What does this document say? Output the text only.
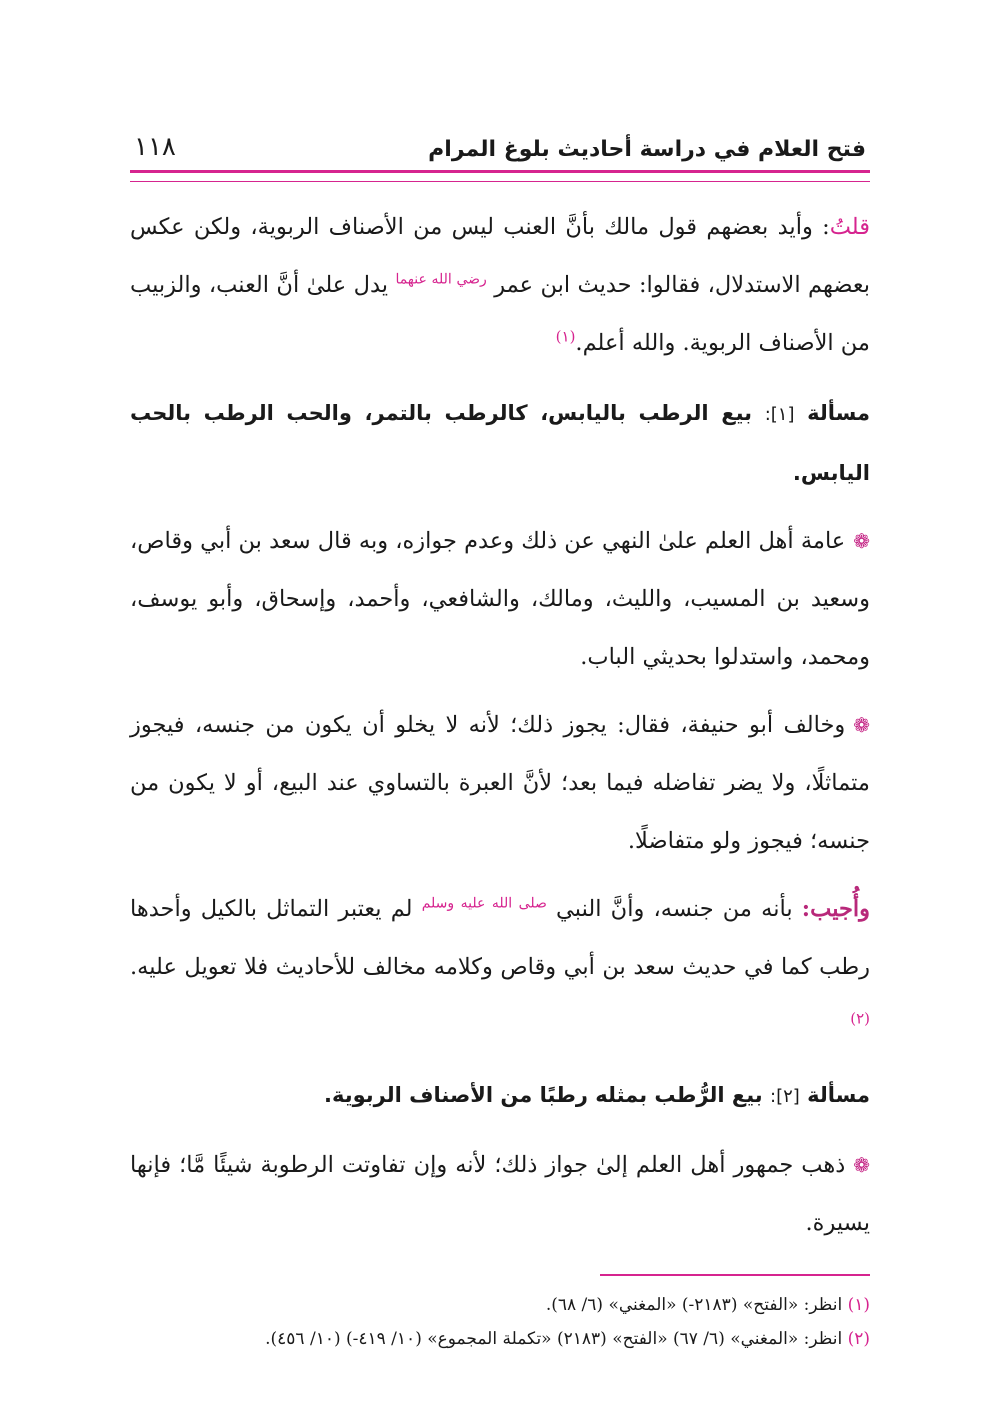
فتح العلام في دراسة أحاديث بلوغ المرام
١١٨

قلتُ: وأيد بعضهم قول مالك بأنَّ العنب ليس من الأصناف الربوية، ولكن عكس بعضهم الاستدلال، فقالوا: حديث ابن عمر $^{رضي الله عنهما}$ يدل علىٰ أنَّ العنب، والزبيب من الأصناف الربوية. والله أعلم.$^{(١)}$

مسألة [١]: بيع الرطب باليابس، كالرطب بالتمر، والحب الرطب بالحب اليابس.

❁عامة أهل العلم علىٰ النهي عن ذلك وعدم جوازه، وبه قال سعد بن أبي وقاص، وسعيد بن المسيب، والليث، ومالك، والشافعي، وأحمد، وإسحاق، وأبو يوسف، ومحمد، واستدلوا بحديثي الباب.

❁وخالف أبو حنيفة، فقال: يجوز ذلك؛ لأنه لا يخلو أن يكون من جنسه، فيجوز متماثلًا، ولا يضر تفاضله فيما بعد؛ لأنَّ العبرة بالتساوي عند البيع، أو لا يكون من جنسه؛ فيجوز ولو متفاضلًا.

وأُجيب: بأنه من جنسه، وأنَّ النبي $^{صلى الله عليه وسلم}$ لم يعتبر التماثل بالكيل وأحدها رطب كما في حديث سعد بن أبي وقاص وكلامه مخالف للأحاديث فلا تعويل عليه.$^{(٢)}$

مسألة [٢]: بيع الرُّطب بمثله رطبًا من الأصناف الربوية.

❁ذهب جمهور أهل العلم إلىٰ جواز ذلك؛ لأنه وإن تفاوتت الرطوبة شيئًا مَّا؛ فإنها يسيرة.

(١) انظر: «الفتح» (٢١٨٣-) «المغني» (٦/ ٦٨).
(٢) انظر: «المغني» (٦/ ٦٧) «الفتح» (٢١٨٣) «تكملة المجموع» (١٠/ ٤١٩-) (١٠/ ٤٥٦).
